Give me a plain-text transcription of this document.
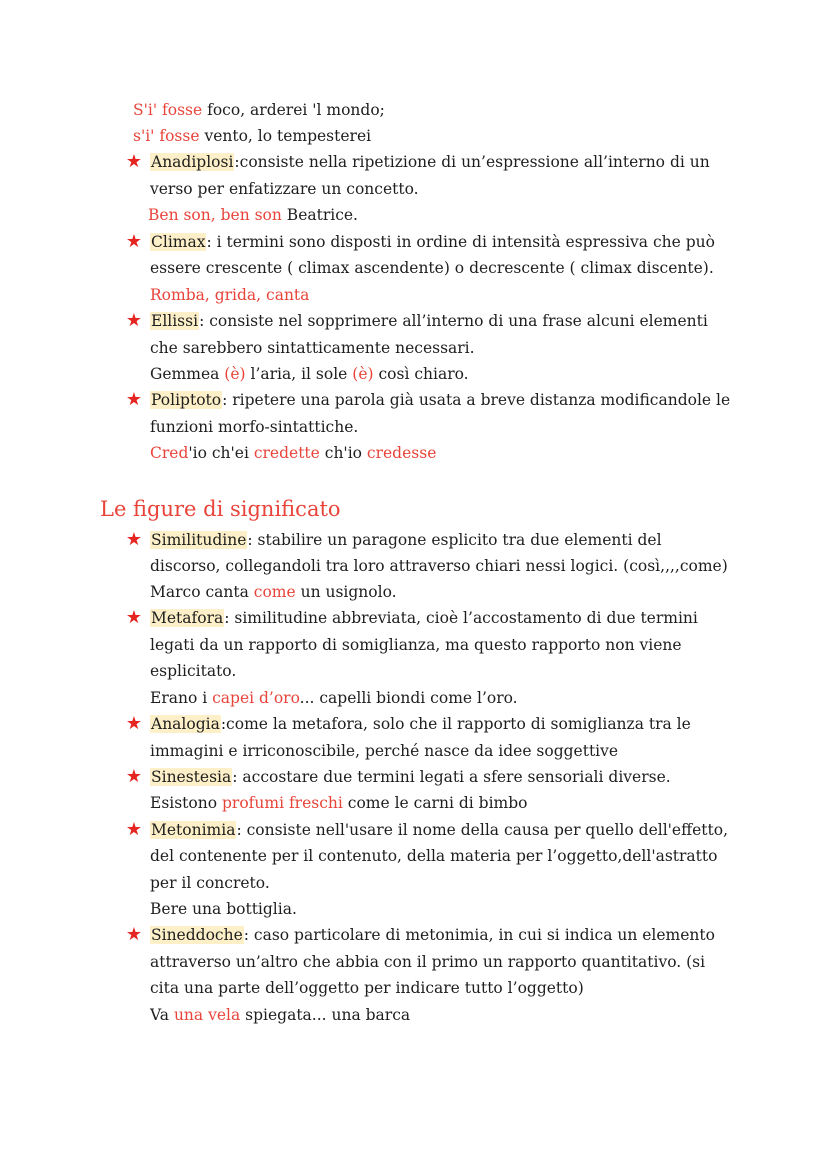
S'i' fosse foco, arderei 'l mondo;
s'i' fosse vento, lo tempesterei
★ Anadiplosi:consiste nella ripetizione di un’espressione all’interno di un
verso per enfatizzare un concetto.
Ben son, ben son Beatrice.
★ Climax: i termini sono disposti in ordine di intensità espressiva che può
essere crescente ( climax ascendente) o decrescente ( climax discente).
Romba, grida, canta
★ Ellissi: consiste nel sopprimere all’interno di una frase alcuni elementi
che sarebbero sintatticamente necessari.
Gemmea (è) l’aria, il sole (è) così chiaro.
★ Poliptoto: ripetere una parola già usata a breve distanza modificandole le
funzioni morfo-sintattiche.
Cred'io ch'ei credette ch'io credesse
Le figure di significato
★ Similitudine: stabilire un paragone esplicito tra due elementi del
discorso, collegandoli tra loro attraverso chiari nessi logici. (così,,,,come)
Marco canta come un usignolo.
★ Metafora: similitudine abbreviata, cioè l’accostamento di due termini
legati da un rapporto di somiglianza, ma questo rapporto non viene
esplicitato.
Erano i capei d’oro... capelli biondi come l’oro.
★ Analogia:come la metafora, solo che il rapporto di somiglianza tra le
immagini e irriconoscibile, perché nasce da idee soggettive
★ Sinestesia: accostare due termini legati a sfere sensoriali diverse.
Esistono profumi freschi come le carni di bimbo
★ Metonimia: consiste nell'usare il nome della causa per quello dell'effetto,
del contenente per il contenuto, della materia per l’oggetto,dell'astratto
per il concreto.
Bere una bottiglia.
★ Sineddoche: caso particolare di metonimia, in cui si indica un elemento
attraverso un’altro che abbia con il primo un rapporto quantitativo. (si
cita una parte dell’oggetto per indicare tutto l’oggetto)
Va una vela spiegata... una barca
